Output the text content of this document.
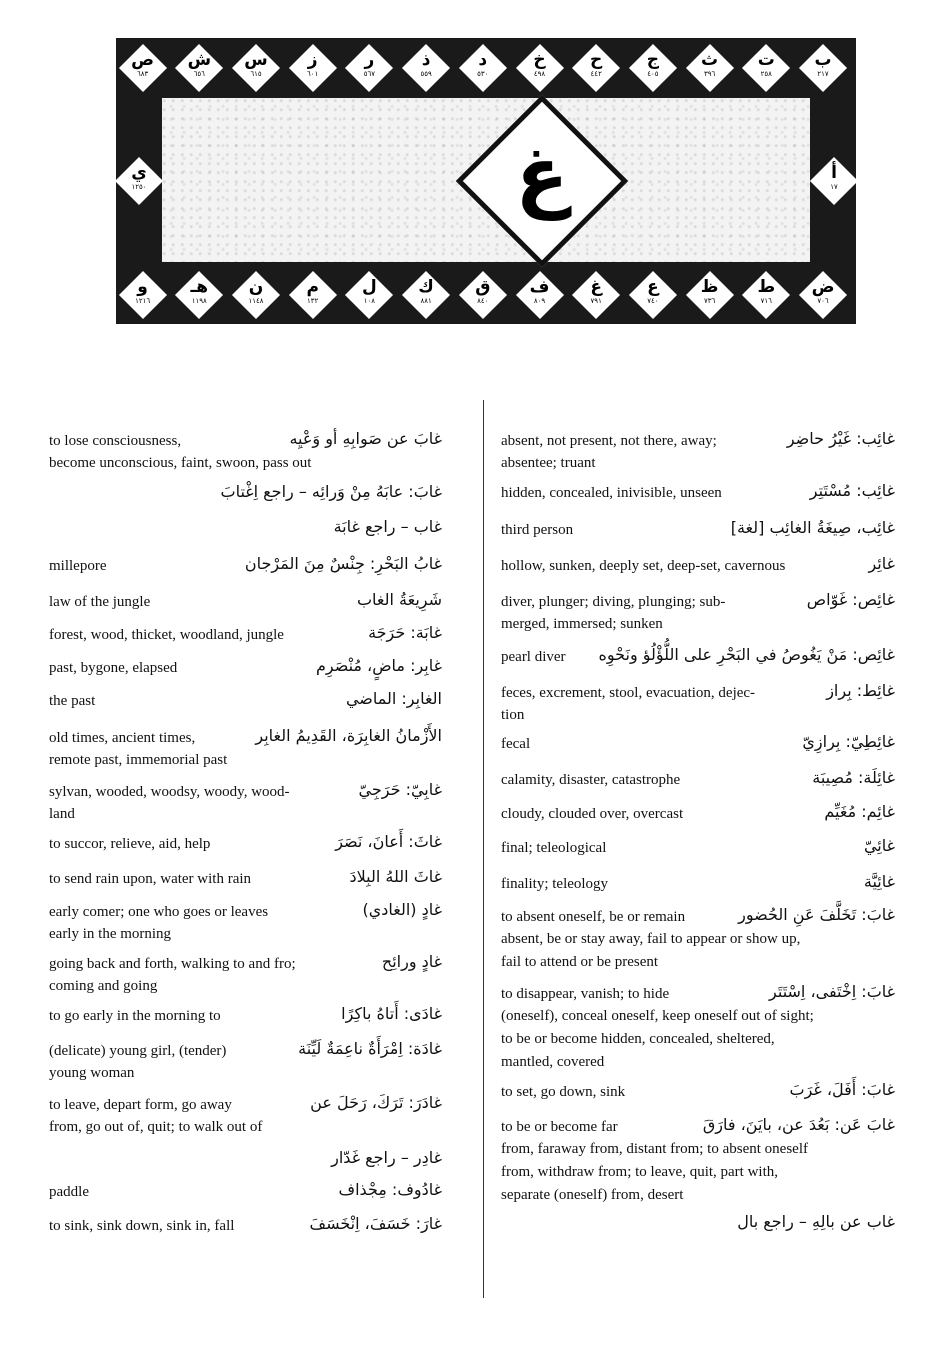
ب
٢١٧
ت
٢٥٨
ث
٣٩٦
ج
٤٠٥
ح
٤٤٢
خ
٤٩٨
د
٥٣٠
ذ
٥٥٩
ر
٥٦٧
ز
٦٠١
س
٦١٥
ش
٦٥٦
ص
٦٨٣
ض
٧٠٦
ط
٧١٦
ظ
٧٣٦
ع
٧٤٠
غ
٧٩١
ف
٨٠٩
ق
٨٤٠
ك
٨٨١
ل
١٠٨
م
١٣٢
ن
١١٤٨
هـ
١١٩٨
و
١٢١٦
أ
١٧
ي
١٢٥٠	غ
غائِب: غَيْرُ حاضِر
absent, not present, not there, away;
absentee; truant
غائِب: مُسْتَتِر
hidden, concealed, inivisible, unseen
غائِب، صِيغَةُ الغائِب [لغة]
third person
غائِر
hollow, sunken, deeply set, deep-set, cavernous
غائِص: غَوّاص
diver, plunger; diving, plunging; sub-
merged, immersed; sunken
غائِص: مَنْ يَغُوصُ في البَحْرِ على اللُّؤْلُؤ ونَحْوِه
pearl diver
غائِط: بِراز
feces, excrement, stool, evacuation, dejec-
tion
غائِطِيّ: بِرازِيّ
fecal
غائِلَة: مُصِيبَة
calamity, disaster, catastrophe
غائِم: مُغَيِّم
cloudy, clouded over, overcast
غائِيّ
final; teleological
غائِيَّة
finality; teleology
غابَ: تَخَلَّفَ عَنِ الحُضور
to absent oneself, be or remain
absent, be or stay away, fail to appear or show up,
fail to attend or be present
غابَ: اِخْتَفى، اِسْتَتَر
to disappear, vanish; to hide
(oneself), conceal oneself, keep oneself out of sight;
to be or become hidden, concealed, sheltered,
mantled, covered
غابَ: أَفَلَ، غَرَبَ
to set, go down, sink
غابَ عَن: بَعُدَ عن، بايَنَ، فارَقَ
to be or become far
from, faraway from, distant from; to absent oneself
from, withdraw from; to leave, quit, part with,
separate (oneself) from, desert
غاب عن بالِهِ – راجع بال
غابَ عن صَوابِهِ أو وَعْيِه
to lose consciousness,
become unconscious, faint, swoon, pass out
غابَ: عابَهُ مِنْ وَرائِه – راجع اِغْتابَ
غاب – راجع غابَة
غابُ البَحْرِ: جِنْسٌ مِنَ المَرْجان
millepore
شَرِيعَةُ الغاب
law of the jungle
غابَة: حَرَجَة
forest, wood, thicket, woodland, jungle
غابِر: ماضٍ، مُنْصَرِم
past, bygone, elapsed
الغابِر: الماضي
the past
الأَزْمانُ الغابِرَة، القَدِيمُ الغابِر
old times, ancient times,
remote past, immemorial past
غابِيّ: حَرَجِيّ
sylvan, wooded, woodsy, woody, wood-
land
غاثَ: أَعانَ، نَصَرَ
to succor, relieve, aid, help
غاثَ اللهُ البِلادَ
to send rain upon, water with rain
غادٍ (الغادي)
early comer; one who goes or leaves
early in the morning
غادٍ ورائِح
going back and forth, walking to and fro;
coming and going
غادَى: أَتاهُ باكِرًا
to go early in the morning to
غادَة: اِمْرَأَةٌ ناعِمَةٌ لَيِّنَة
(delicate) young girl, (tender)
young woman
غادَرَ: تَرَكَ، رَحَلَ عن
to leave, depart form, go away
from, go out of, quit; to walk out of
غادِر – راجع غَدّار
غادُوف: مِجْذاف
paddle
غارَ: خَسَفَ، اِنْخَسَفَ
to sink, sink down, sink in, fall
